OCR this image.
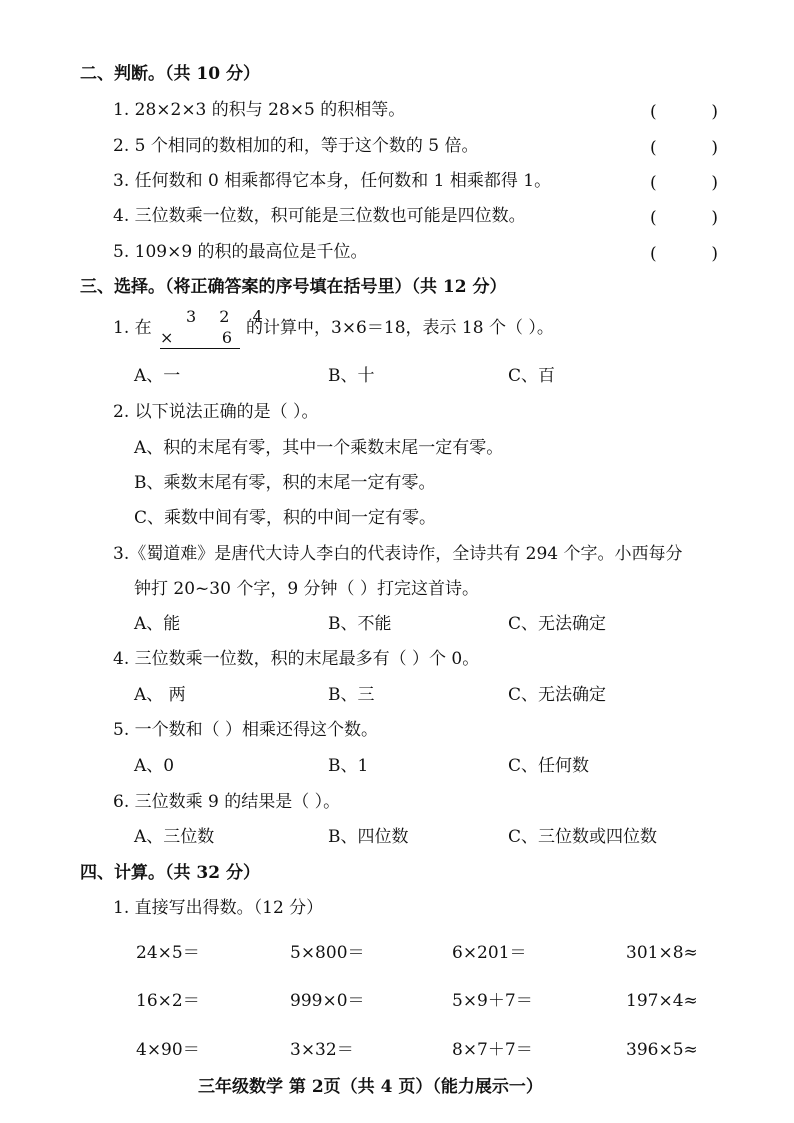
二、判断。（共 10 分）
1. 28×2×3 的积与 28×5 的积相等。	(	)
2. 5 个相同的数相加的和，等于这个数的 5 倍。	(	)
3. 任何数和 0 相乘都得它本身，任何数和 1 相乘都得 1。	(	)
4. 三位数乘一位数，积可能是三位数也可能是四位数。	(	)
5. 109×9 的积的最高位是千位。	(	)
三、选择。（将正确答案的序号填在括号里）（共 12 分）
1. 在
3 2 4

×	6 的计算中，3×6＝18，表示 18 个（ ）。
A、一	B、十	C、百
2. 以下说法正确的是（ ）。
A、积的末尾有零，其中一个乘数末尾一定有零。
B、乘数末尾有零，积的末尾一定有零。
C、乘数中间有零，积的中间一定有零。
3.《蜀道难》是唐代大诗人李白的代表诗作，全诗共有 294 个字。小西每分
钟打 20~30 个字，9 分钟（ ）打完这首诗。
A、能	B、不能	C、无法确定
4. 三位数乘一位数，积的末尾最多有（ ）个 0。
A、 两	B、三	C、无法确定
5. 一个数和（ ）相乘还得这个数。
A、0	B、1	C、任何数
6. 三位数乘 9 的结果是（ ）。
A、三位数	B、四位数	C、三位数或四位数
四、计算。（共 32 分）
1. 直接写出得数。（12 分）
24×5＝	5×800＝	6×201＝	301×8≈
16×2＝	999×0＝	5×9＋7＝	197×4≈
4×90＝	3×32＝	8×7＋7＝	396×5≈
三年级数学 第 2页（共 4 页）（能力展示一）
